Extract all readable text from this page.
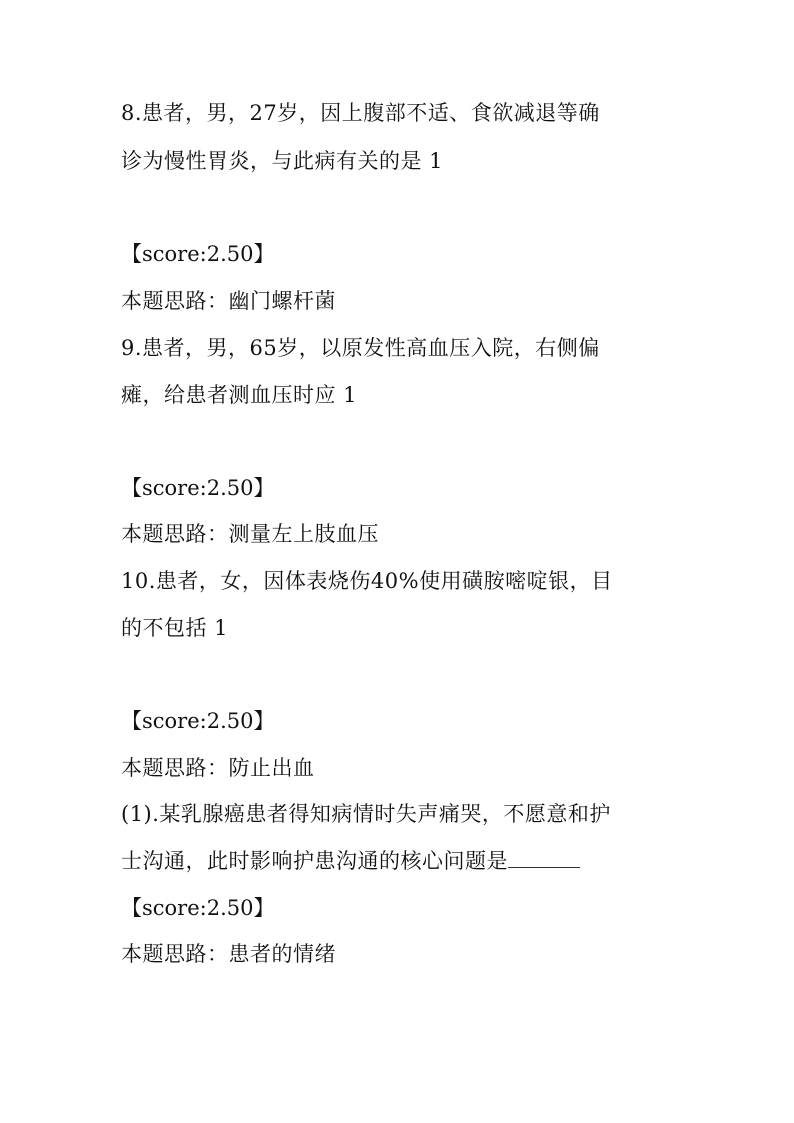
8.患者，男，27岁，因上腹部不适、食欲减退等确
诊为慢性胃炎，与此病有关的是 1
【score:2.50】
本题思路：幽门螺杆菌
9.患者，男，65岁，以原发性高血压入院，右侧偏
瘫，给患者测血压时应 1
【score:2.50】
本题思路：测量左上肢血压
10.患者，女，因体表烧伤40%使用磺胺嘧啶银，目
的不包括 1
【score:2.50】
本题思路：防止出血
(1).某乳腺癌患者得知病情时失声痛哭，不愿意和护
士沟通，此时影响护患沟通的核心问题是
【score:2.50】
本题思路：患者的情绪
